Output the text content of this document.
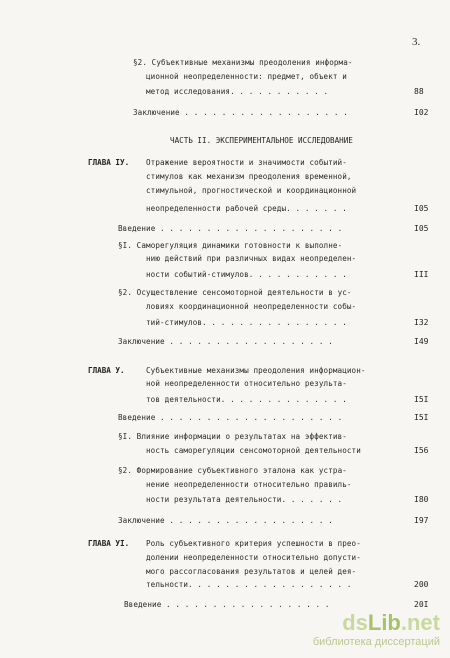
3.
ЧАСТЬ II. ЭКСПЕРИМЕНТАЛЬНОЕ ИССЛЕДОВАНИЕ
§2. Субъективные механизмы преодоления информа-
ционной неопределенности: предмет, объект и
метод исследования. . . . . . . . . . .	88
Заключение . . . . . . . . . . . . . . . . . .	I02
ГЛАВА IУ. Отражение вероятности и значимости событий-
стимулов как механизм преодоления временной,
стимульной, прогностической и координационной
неопределенности рабочей среды. . . . . . .	I05
Введение . . . . . . . . . . . . . . . . . . . .	I05
§I. Саморегуляция динамики готовности к выполне-
нию действий при различных видах неопределен-
ности событий-стимулов. . . . . . . . . . .	III
§2. Осуществление сенсомоторной деятельности в ус-
ловиях координационной неопределенности собы-
тий-стимулов. . . . . . . . . . . . . . . .	I32
Заключение . . . . . . . . . . . . . . . . . .	I49
ГЛАВА У.	Субъективные механизмы преодоления информацион-
ной неопределенности относительно результа-
тов деятельности. . . . . . . . . . . . . .	I5I
Введение . . . . . . . . . . . . . . . . . . . .	I5I
§I. Влияние информации о результатах на эффектив-
ность саморегуляции сенсомоторной деятельности	I56
§2. Формирование субъективного эталона как устра-
нение неопределенности относительно правиль-
ности результата деятельности. . . . . . .	I80
Заключение . . . . . . . . . . . . . . . . . .	I97
ГЛАВА УI. Роль субъективного критерия успешности в прео-
долении неопределенности относительно допусти-
мого рассогласования результатов и целей дея-
тельности. . . . . . . . . . . . . . . . . .	200
Введение . . . . . . . . . . . . . . . . . .	20I
dsLib.net
библиотека диссертаций
